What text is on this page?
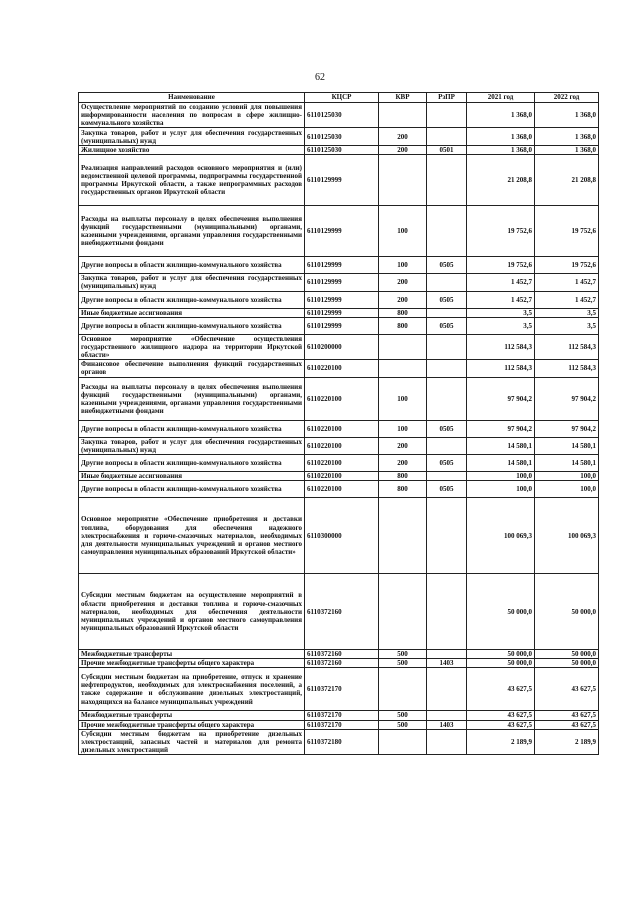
62
Наименование	КЦСР	КВР	РзПР	2021 год	2022 год
Осуществление мероприятий по созданию условий для повышения информированности населения по вопросам в сфере жилищно-коммунального хозяйства	6110125030			1 368,0	1 368,0
Закупка товаров, работ и услуг для обеспечения государственных (муниципальных) нужд	6110125030	200		1 368,0	1 368,0
Жилищное хозяйство	6110125030	200	0501	1 368,0	1 368,0
Реализация направлений расходов основного мероприятия и (или) ведомственной целевой программы, подпрограммы государственной программы Иркутской области, а также непрограммных расходов государственных органов Иркутской области	6110129999			21 208,8	21 208,8
Расходы на выплаты персоналу в целях обеспечения выполнения функций государственными (муниципальными) органами, казенными учреждениями, органами управления государственными внебюджетными фондами	6110129999	100		19 752,6	19 752,6
Другие вопросы в области жилищно-коммунального хозяйства	6110129999	100	0505	19 752,6	19 752,6
Закупка товаров, работ и услуг для обеспечения государственных (муниципальных) нужд	6110129999	200		1 452,7	1 452,7
Другие вопросы в области жилищно-коммунального хозяйства	6110129999	200	0505	1 452,7	1 452,7
Иные бюджетные ассигнования	6110129999	800		3,5	3,5
Другие вопросы в области жилищно-коммунального хозяйства	6110129999	800	0505	3,5	3,5
Основное мероприятие «Обеспечение осуществления государственного жилищного надзора на территории Иркутской области»	6110200000			112 584,3	112 584,3
Финансовое обеспечение выполнения функций государственных органов	6110220100			112 584,3	112 584,3
Расходы на выплаты персоналу в целях обеспечения выполнения функций государственными (муниципальными) органами, казенными учреждениями, органами управления государственными внебюджетными фондами	6110220100	100		97 904,2	97 904,2
Другие вопросы в области жилищно-коммунального хозяйства	6110220100	100	0505	97 904,2	97 904,2
Закупка товаров, работ и услуг для обеспечения государственных (муниципальных) нужд	6110220100	200		14 580,1	14 580,1
Другие вопросы в области жилищно-коммунального хозяйства	6110220100	200	0505	14 580,1	14 580,1
Иные бюджетные ассигнования	6110220100	800		100,0	100,0
Другие вопросы в области жилищно-коммунального хозяйства	6110220100	800	0505	100,0	100,0
Основное мероприятие «Обеспечение приобретения и доставки топлива, оборудования для обеспечения надежного электроснабжения и горюче-смазочных материалов, необходимых для деятельности муниципальных учреждений и органов местного самоуправления муниципальных образований Иркутской области»	6110300000			100 069,3	100 069,3
Субсидии местным бюджетам на осуществление мероприятий в области приобретения и доставки топлива и горюче-смазочных материалов, необходимых для обеспечения деятельности муниципальных учреждений и органов местного самоуправления муниципальных образований Иркутской области	6110372160			50 000,0	50 000,0
Межбюджетные трансферты	6110372160	500		50 000,0	50 000,0
Прочие межбюджетные трансферты общего характера	6110372160	500	1403	50 000,0	50 000,0
Субсидии местным бюджетам на приобретение, отпуск и хранение нефтепродуктов, необходимых для электроснабжения поселений, а также содержание и обслуживание дизельных электростанций, находящихся на балансе муниципальных учреждений	6110372170			43 627,5	43 627,5
Межбюджетные трансферты	6110372170	500		43 627,5	43 627,5
Прочие межбюджетные трансферты общего характера	6110372170	500	1403	43 627,5	43 627,5
Субсидии местным бюджетам на приобретение дизельных электростанций, запасных частей и материалов для ремонта дизельных электростанций	6110372180			2 189,9	2 189,9
